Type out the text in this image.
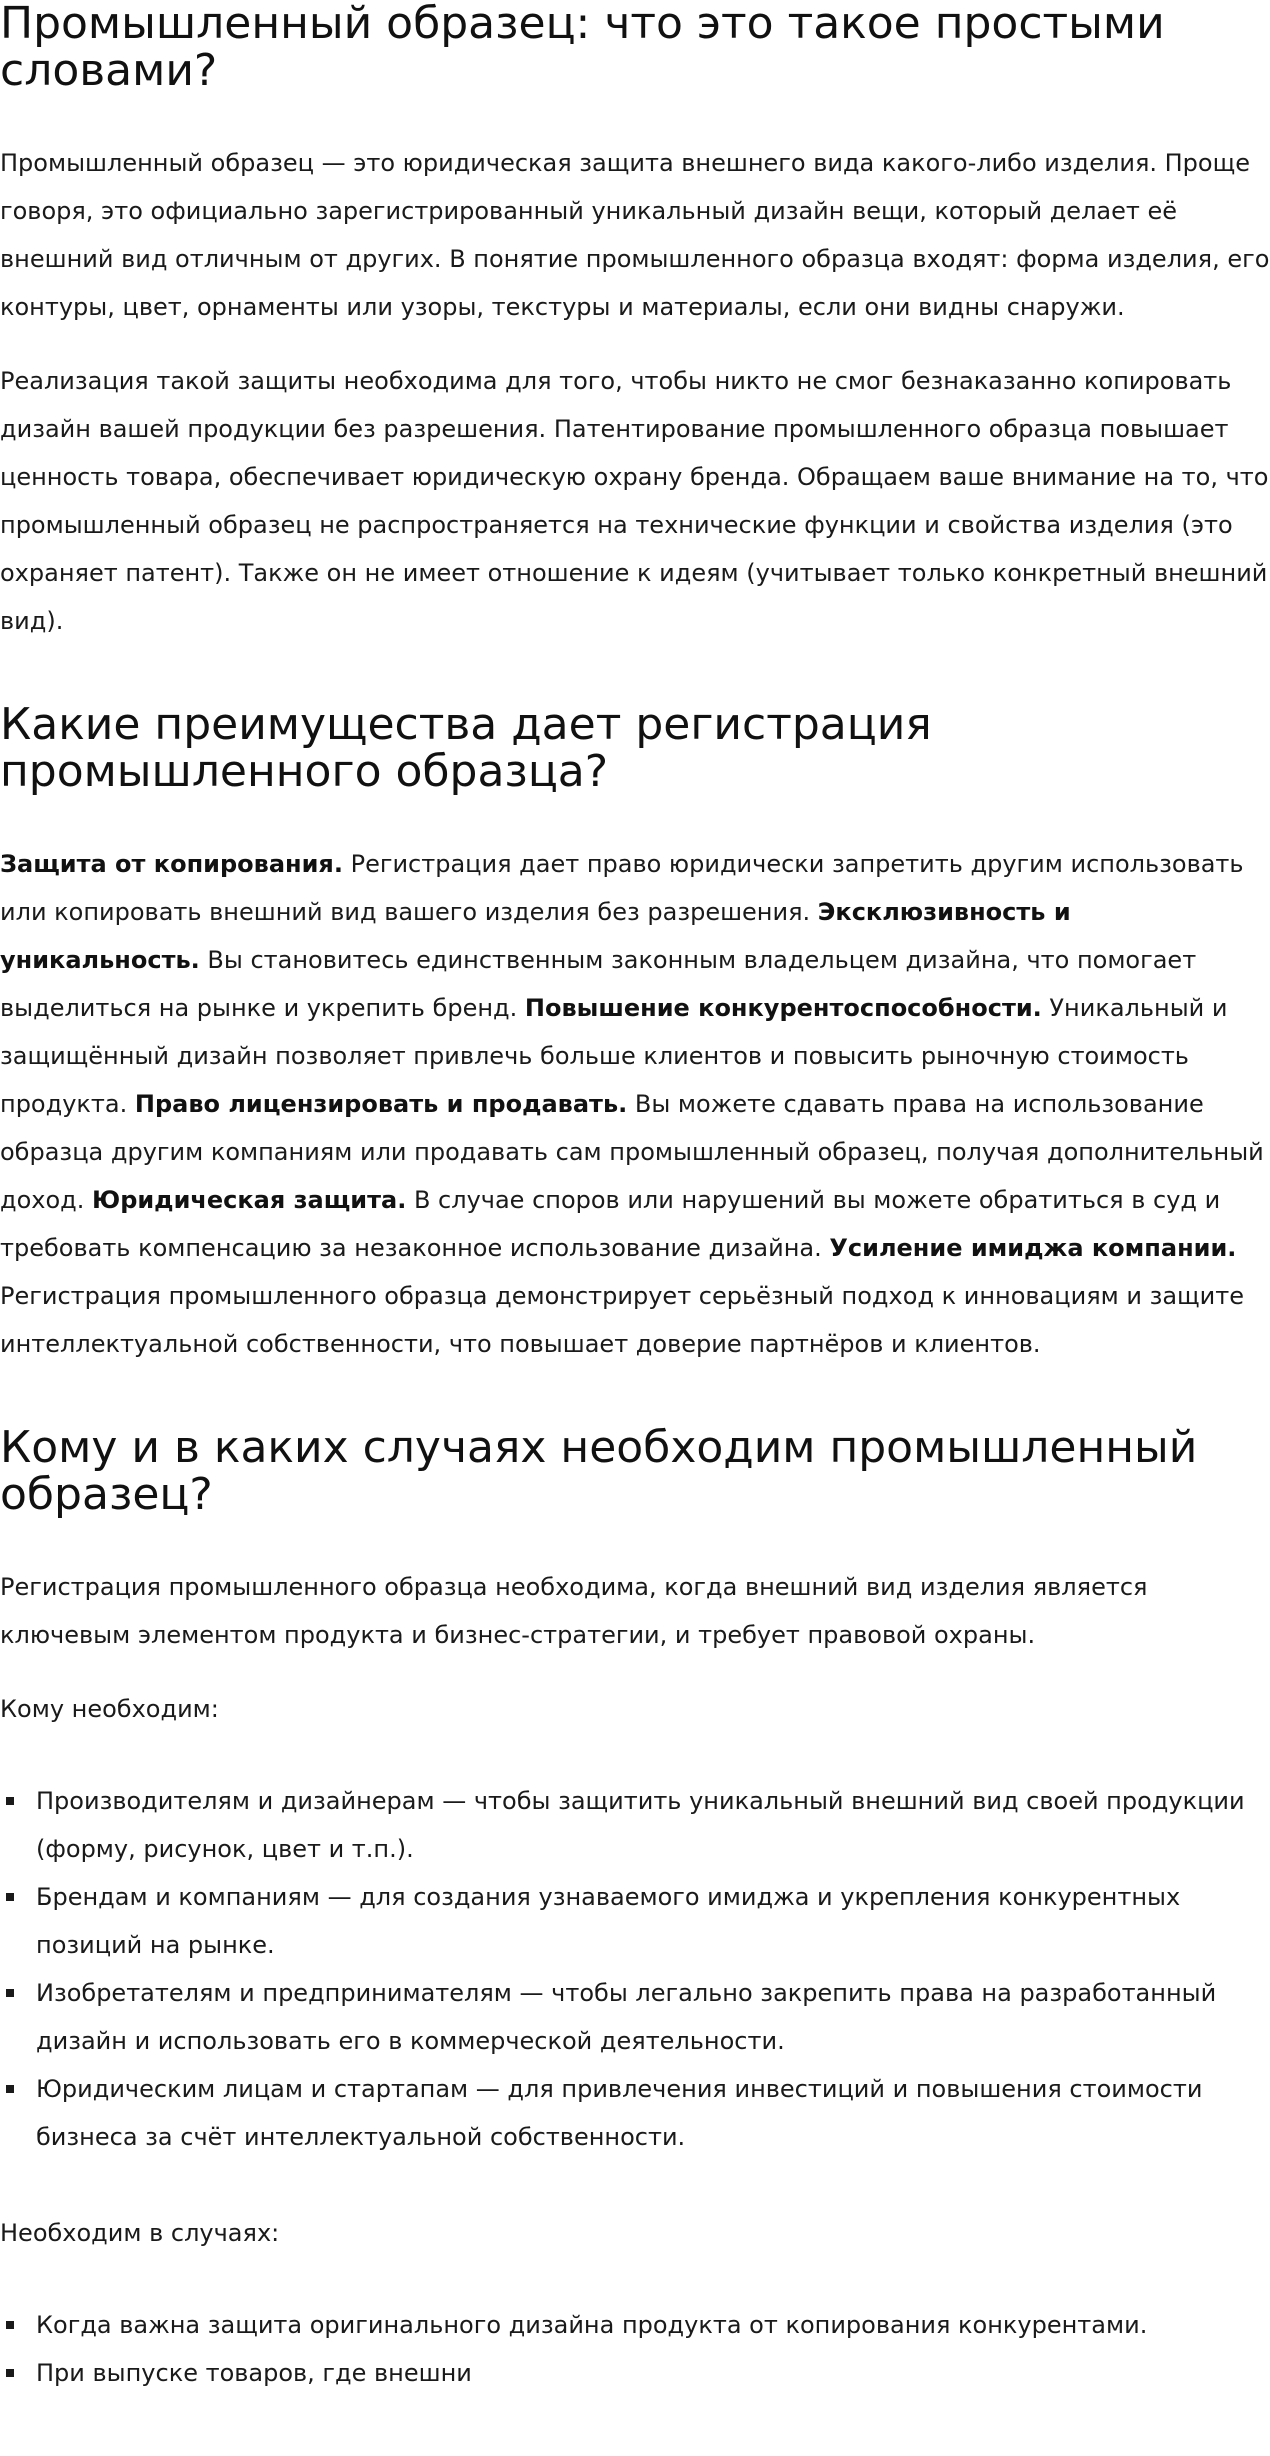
Промышленный образец: что это такое простыми словами?

Промышленный образец — это юридическая защита внешнего вида какого-либо изделия. Проще говоря, это официально зарегистрированный уникальный дизайн вещи, который делает её внешний вид отличным от других. В понятие промышленного образца входят: форма изделия, его контуры, цвет, орнаменты или узоры, текстуры и материалы, если они видны снаружи.

Реализация такой защиты необходима для того, чтобы никто не смог безнаказанно копировать дизайн вашей продукции без разрешения. Патентирование промышленного образца повышает ценность товара, обеспечивает юридическую охрану бренда. Обращаем ваше внимание на то, что промышленный образец не распространяется на технические функции и свойства изделия (это охраняет патент). Также он не имеет отношение к идеям (учитывает только конкретный внешний вид).

Какие преимущества дает регистрация промышленного образца?

Защита от копирования. Регистрация дает право юридически запретить другим использовать или копировать внешний вид вашего изделия без разрешения. Эксклюзивность и уникальность. Вы становитесь единственным законным владельцем дизайна, что помогает выделиться на рынке и укрепить бренд. Повышение конкурентоспособности. Уникальный и защищённый дизайн позволяет привлечь больше клиентов и повысить рыночную стоимость продукта. Право лицензировать и продавать. Вы можете сдавать права на использование образца другим компаниям или продавать сам промышленный образец, получая дополнительный доход. Юридическая защита. В случае споров или нарушений вы можете обратиться в суд и требовать компенсацию за незаконное использование дизайна. Усиление имиджа компании. Регистрация промышленного образца демонстрирует серьёзный подход к инновациям и защите интеллектуальной собственности, что повышает доверие партнёров и клиентов.

Кому и в каких случаях необходим промышленный образец?

Регистрация промышленного образца необходима, когда внешний вид изделия является ключевым элементом продукта и бизнес-стратегии, и требует правовой охраны.

Кому необходим:

Производителям и дизайнерам — чтобы защитить уникальный внешний вид своей продукции (форму, рисунок, цвет и т.п.).
Брендам и компаниям — для создания узнаваемого имиджа и укрепления конкурентных позиций на рынке.
Изобретателям и предпринимателям — чтобы легально закрепить права на разработанный дизайн и использовать его в коммерческой деятельности.
Юридическим лицам и стартапам — для привлечения инвестиций и повышения стоимости бизнеса за счёт интеллектуальной собственности.

Необходим в случаях:

Когда важна защита оригинального дизайна продукта от копирования конкурентами.
При выпуске товаров, где внешни
